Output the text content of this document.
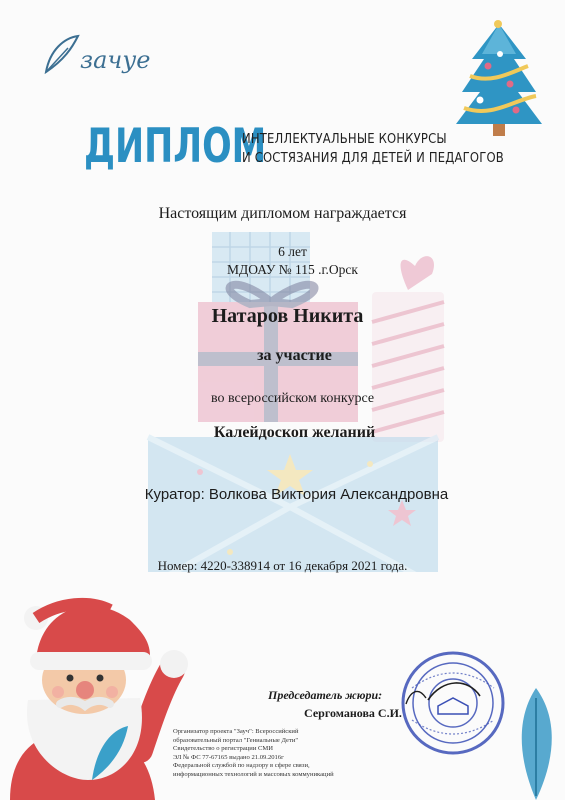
зачуе
ДИПЛОМ
ИНТЕЛЛЕКТУАЛЬНЫЕ КОНКУРСЫ
И СОСТЯЗАНИЯ ДЛЯ ДЕТЕЙ И ПЕДАГОГОВ
Настоящим дипломом награждается
6 лет
МДОАУ № 115 .г.Орск
Натаров Никита
за участие
во всероссийском конкурсе
Калейдоскоп желаний
Куратор: Волкова Виктория Александровна
Номер: 4220-338914 от 16 декабря 2021 года.
Председатель жюри:
Сергоманова С.И.
Организатор проекта "Зауч": Всероссийский
образовательный портал "Гениальные Дети"
Свидетельство о регистрации СМИ
ЭЛ № ФС 77-67165 выдано 21.09.2016г
Федеральной службой по надзору в сфере связи,
информационных технологий и массовых коммуникаций
